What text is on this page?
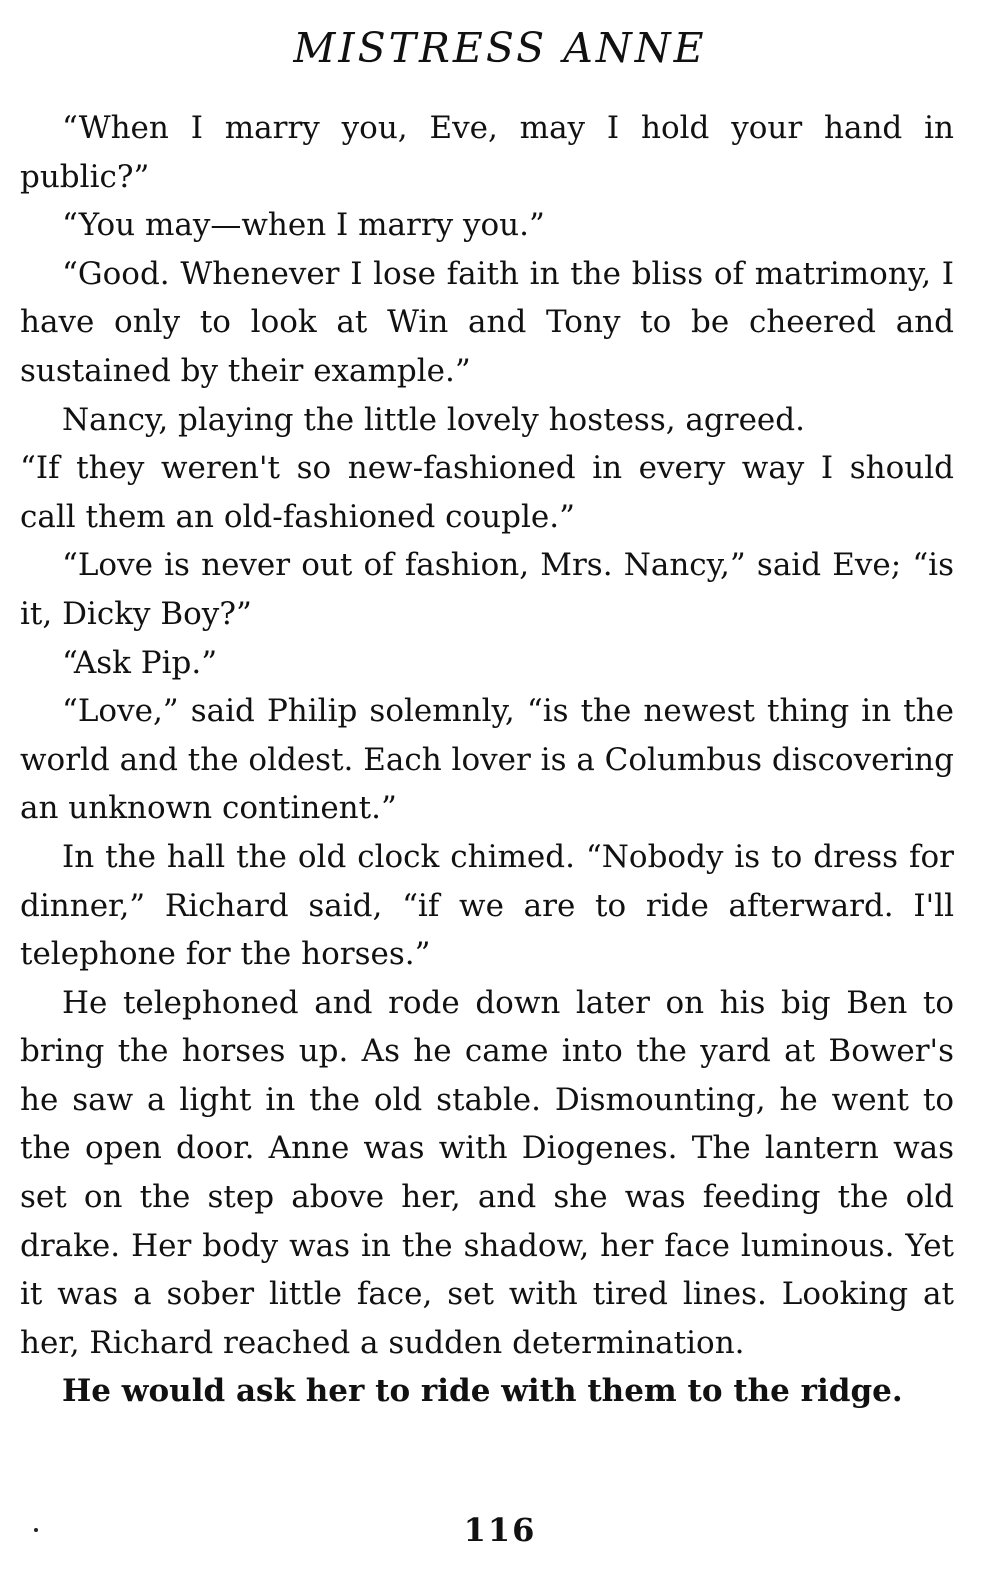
MISTRESS ANNE

“When I marry you, Eve, may I hold your hand in public?”

“You may—when I marry you.”

“Good. Whenever I lose faith in the bliss of matrimony, I have only to look at Win and Tony to be cheered and sustained by their example.”

Nancy, playing the little lovely hostess, agreed.

“If they weren't so new-fashioned in every way I should call them an old-fashioned couple.”

“Love is never out of fashion, Mrs. Nancy,” said Eve; “is it, Dicky Boy?”

“Ask Pip.”

“Love,” said Philip solemnly, “is the newest thing in the world and the oldest. Each lover is a Columbus discovering an unknown continent.”

In the hall the old clock chimed. “Nobody is to dress for dinner,” Richard said, “if we are to ride afterward. I'll telephone for the horses.”

He telephoned and rode down later on his big Ben to bring the horses up. As he came into the yard at Bower's he saw a light in the old stable. Dismounting, he went to the open door. Anne was with Diogenes. The lantern was set on the step above her, and she was feeding the old drake. Her body was in the shadow, her face luminous. Yet it was a sober little face, set with tired lines. Looking at her, Richard reached a sudden determination.

He would ask her to ride with them to the ridge.

116
